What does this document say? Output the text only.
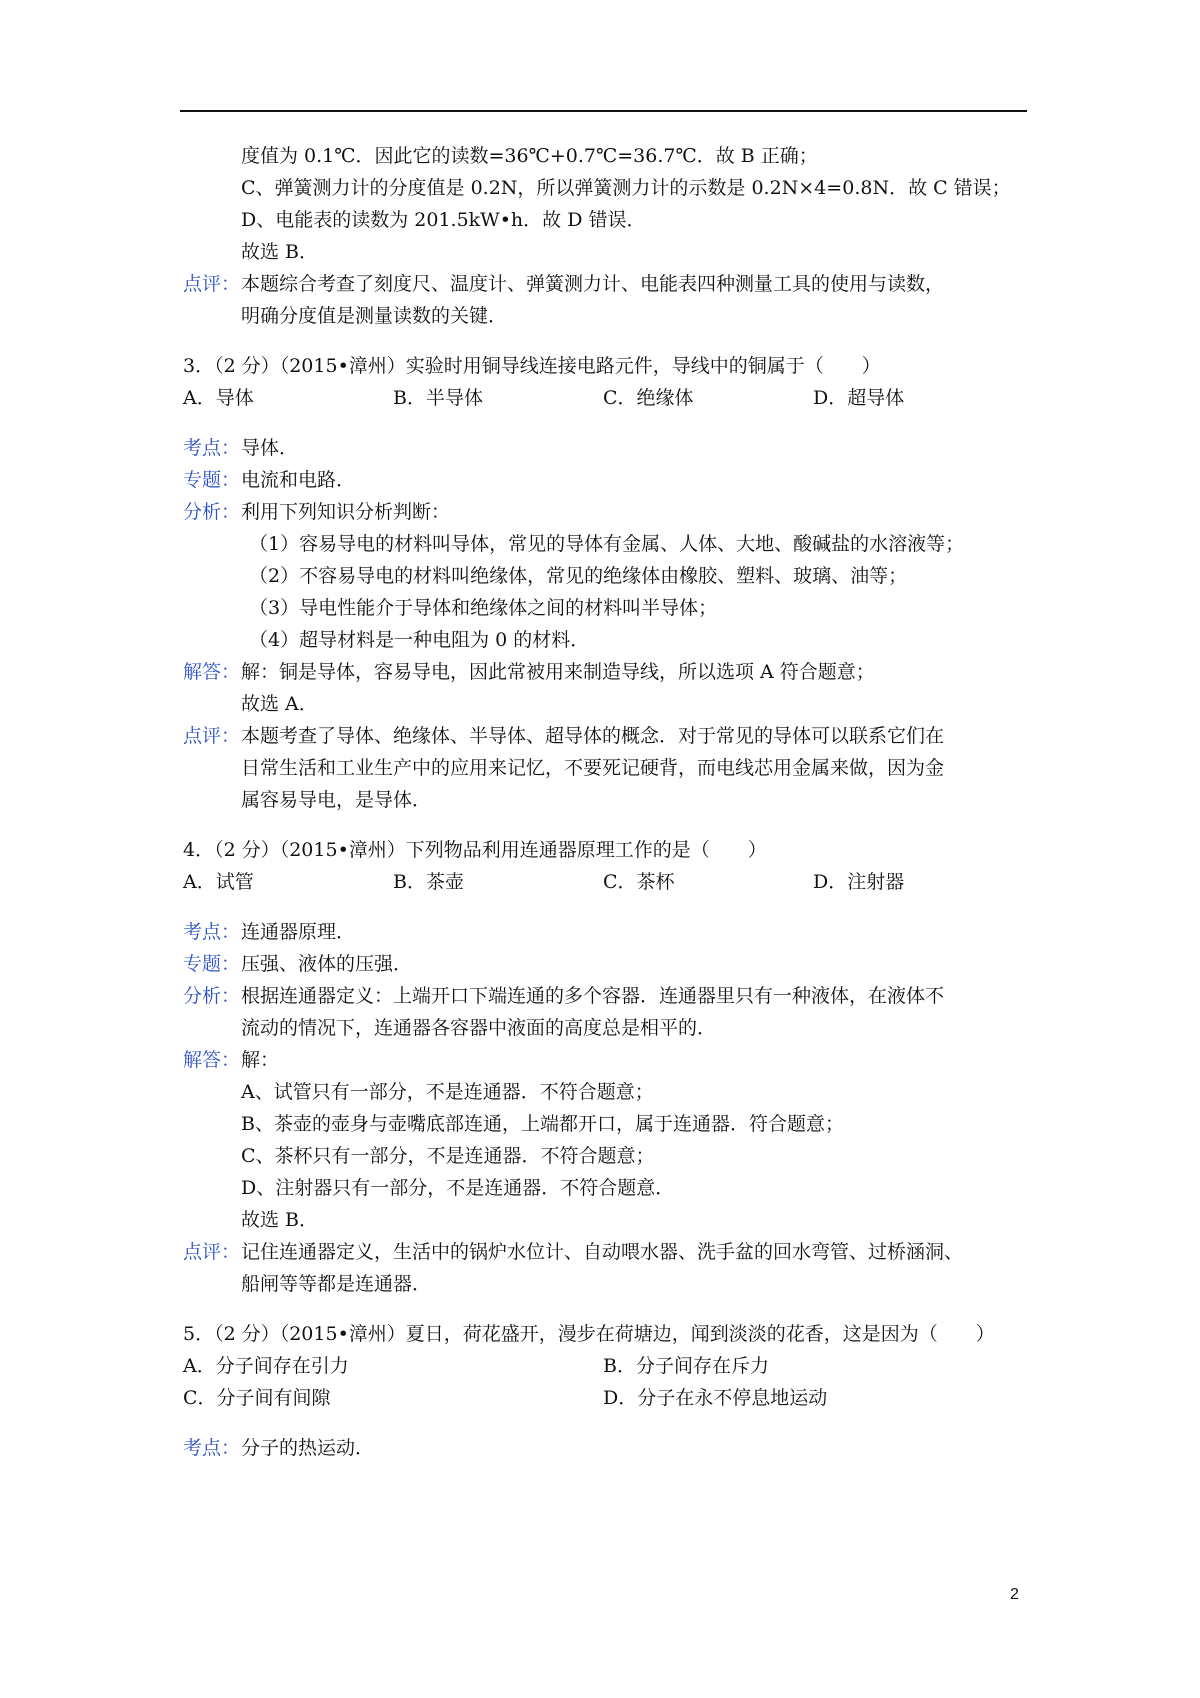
度值为 0.1℃．因此它的读数=36℃+0.7℃=36.7℃．故 B 正确；
C、弹簧测力计的分度值是 0.2N，所以弹簧测力计的示数是 0.2N×4=0.8N．故 C 错误；
D、电能表的读数为 201.5kW•h．故 D 错误．
故选 B．
点评： 本题综合考查了刻度尺、温度计、弹簧测力计、电能表四种测量工具的使用与读数，
明确分度值是测量读数的关键．
3．（2 分）（2015•漳州）实验时用铜导线连接电路元件，导线中的铜属于（　　）
A．导体	B．半导体	C．绝缘体	D．超导体
考点：导体．
专题：电流和电路．
分析：利用下列知识分析判断：
（1）容易导电的材料叫导体，常见的导体有金属、人体、大地、酸碱盐的水溶液等；
（2）不容易导电的材料叫绝缘体，常见的绝缘体由橡胶、塑料、玻璃、油等；
（3）导电性能介于导体和绝缘体之间的材料叫半导体；
（4）超导材料是一种电阻为 0 的材料．
解答： 解：铜是导体，容易导电，因此常被用来制造导线，所以选项 A 符合题意；
故选 A．
点评： 本题考查了导体、绝缘体、半导体、超导体的概念．对于常见的导体可以联系它们在
日常生活和工业生产中的应用来记忆，不要死记硬背，而电线芯用金属来做，因为金
属容易导电，是导体．
4．（2 分）（2015•漳州）下列物品利用连通器原理工作的是（　　）
A．试管	B．茶壶	C．茶杯	D．注射器
考点：连通器原理．
专题：压强、液体的压强．
分析： 根据连通器定义：上端开口下端连通的多个容器．连通器里只有一种液体，在液体不
流动的情况下，连通器各容器中液面的高度总是相平的．
解答： 解：
A、试管只有一部分，不是连通器．不符合题意；
B、茶壶的壶身与壶嘴底部连通，上端都开口，属于连通器．符合题意；
C、茶杯只有一部分，不是连通器．不符合题意；
D、注射器只有一部分，不是连通器．不符合题意．
故选 B．
点评： 记住连通器定义，生活中的锅炉水位计、自动喂水器、洗手盆的回水弯管、过桥涵洞、
船闸等等都是连通器．
5．（2 分）（2015•漳州）夏日，荷花盛开，漫步在荷塘边，闻到淡淡的花香，这是因为（　　）
A．分子间存在引力	B．分子间存在斥力
C．分子间有间隙	D．分子在永不停息地运动
考点：分子的热运动．
2
